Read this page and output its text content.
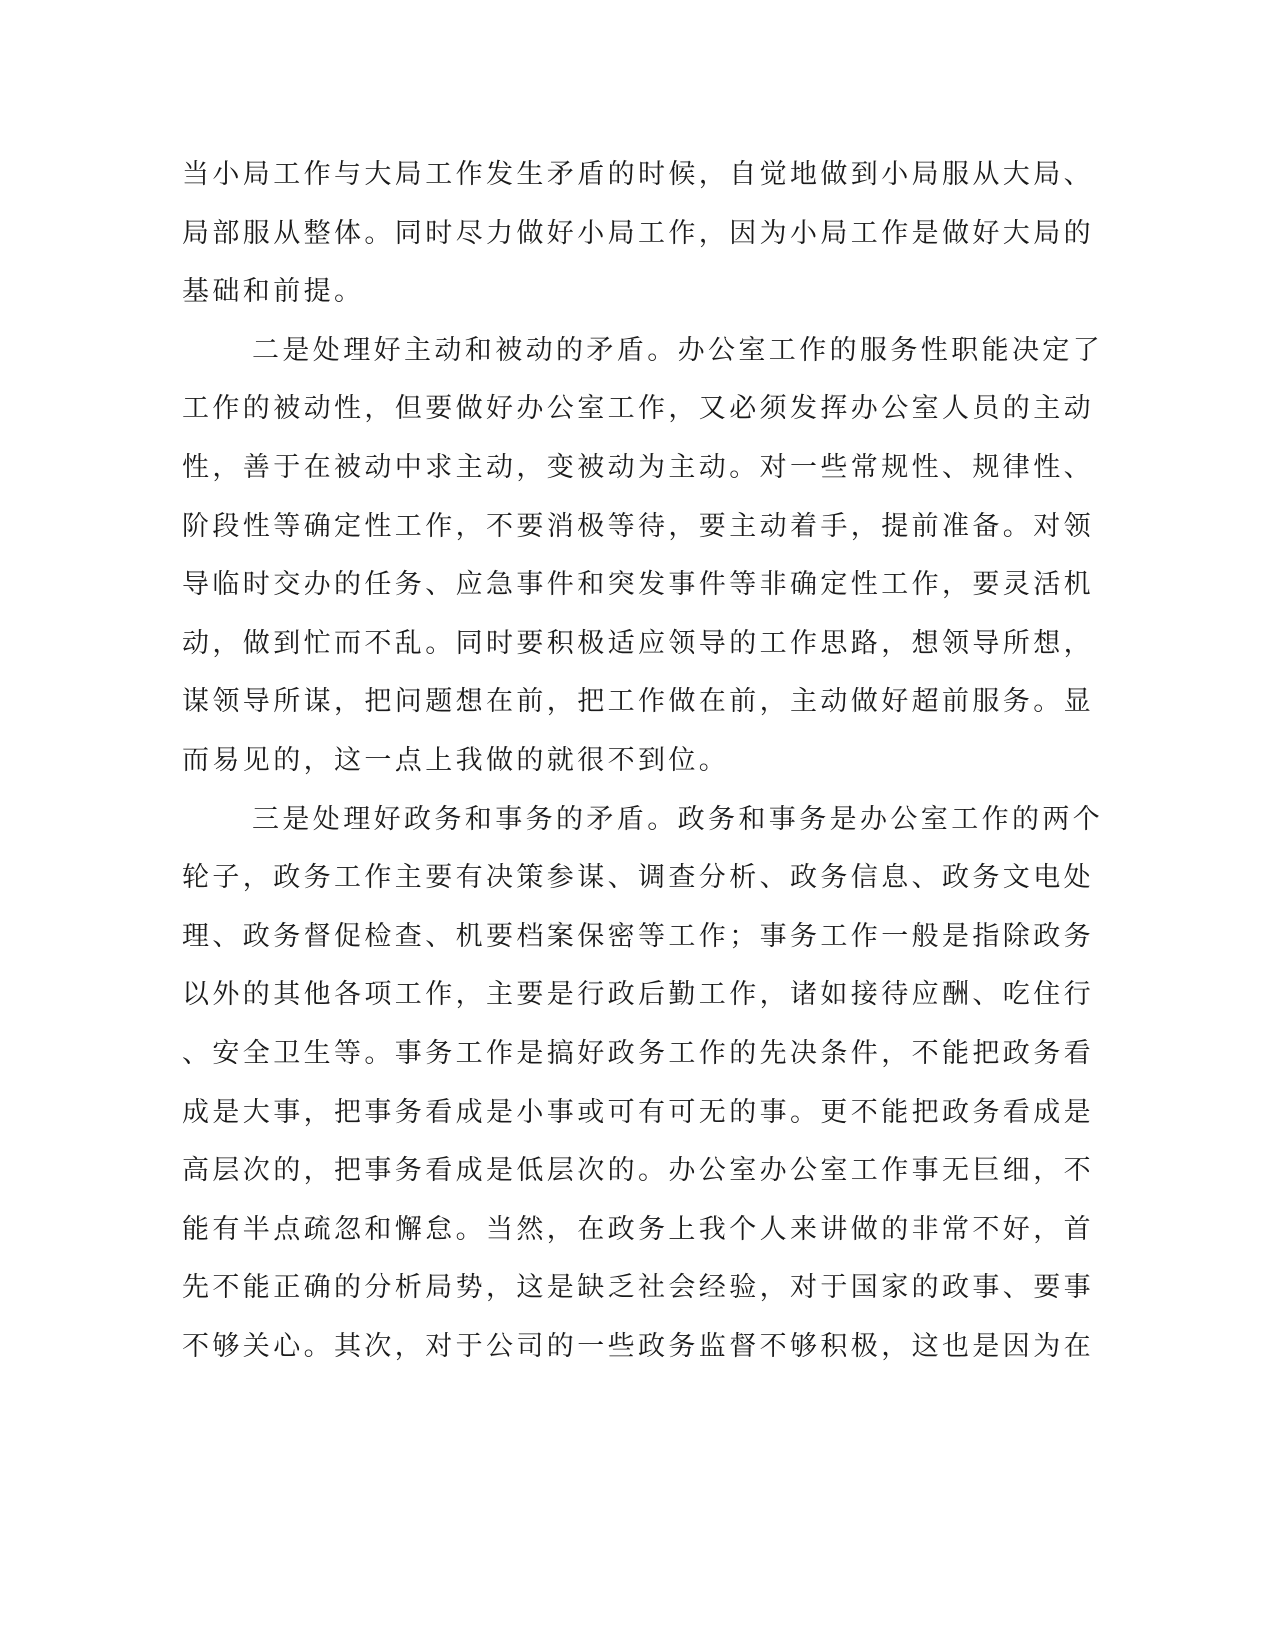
当小局工作与大局工作发生矛盾的时候，自觉地做到小局服从大局、
局部服从整体。同时尽力做好小局工作，因为小局工作是做好大局的
基础和前提。
二是处理好主动和被动的矛盾。办公室工作的服务性职能决定了
工作的被动性，但要做好办公室工作，又必须发挥办公室人员的主动
性，善于在被动中求主动，变被动为主动。对一些常规性、规律性、
阶段性等确定性工作，不要消极等待，要主动着手，提前准备。对领
导临时交办的任务、应急事件和突发事件等非确定性工作，要灵活机
动，做到忙而不乱。同时要积极适应领导的工作思路，想领导所想，
谋领导所谋，把问题想在前，把工作做在前，主动做好超前服务。显
而易见的，这一点上我做的就很不到位。
三是处理好政务和事务的矛盾。政务和事务是办公室工作的两个
轮子，政务工作主要有决策参谋、调查分析、政务信息、政务文电处
理、政务督促检查、机要档案保密等工作；事务工作一般是指除政务
以外的其他各项工作，主要是行政后勤工作，诸如接待应酬、吃住行
、安全卫生等。事务工作是搞好政务工作的先决条件，不能把政务看
成是大事，把事务看成是小事或可有可无的事。更不能把政务看成是
高层次的，把事务看成是低层次的。办公室办公室工作事无巨细，不
能有半点疏忽和懈怠。当然，在政务上我个人来讲做的非常不好，首
先不能正确的分析局势，这是缺乏社会经验，对于国家的政事、要事
不够关心。其次，对于公司的一些政务监督不够积极，这也是因为在
